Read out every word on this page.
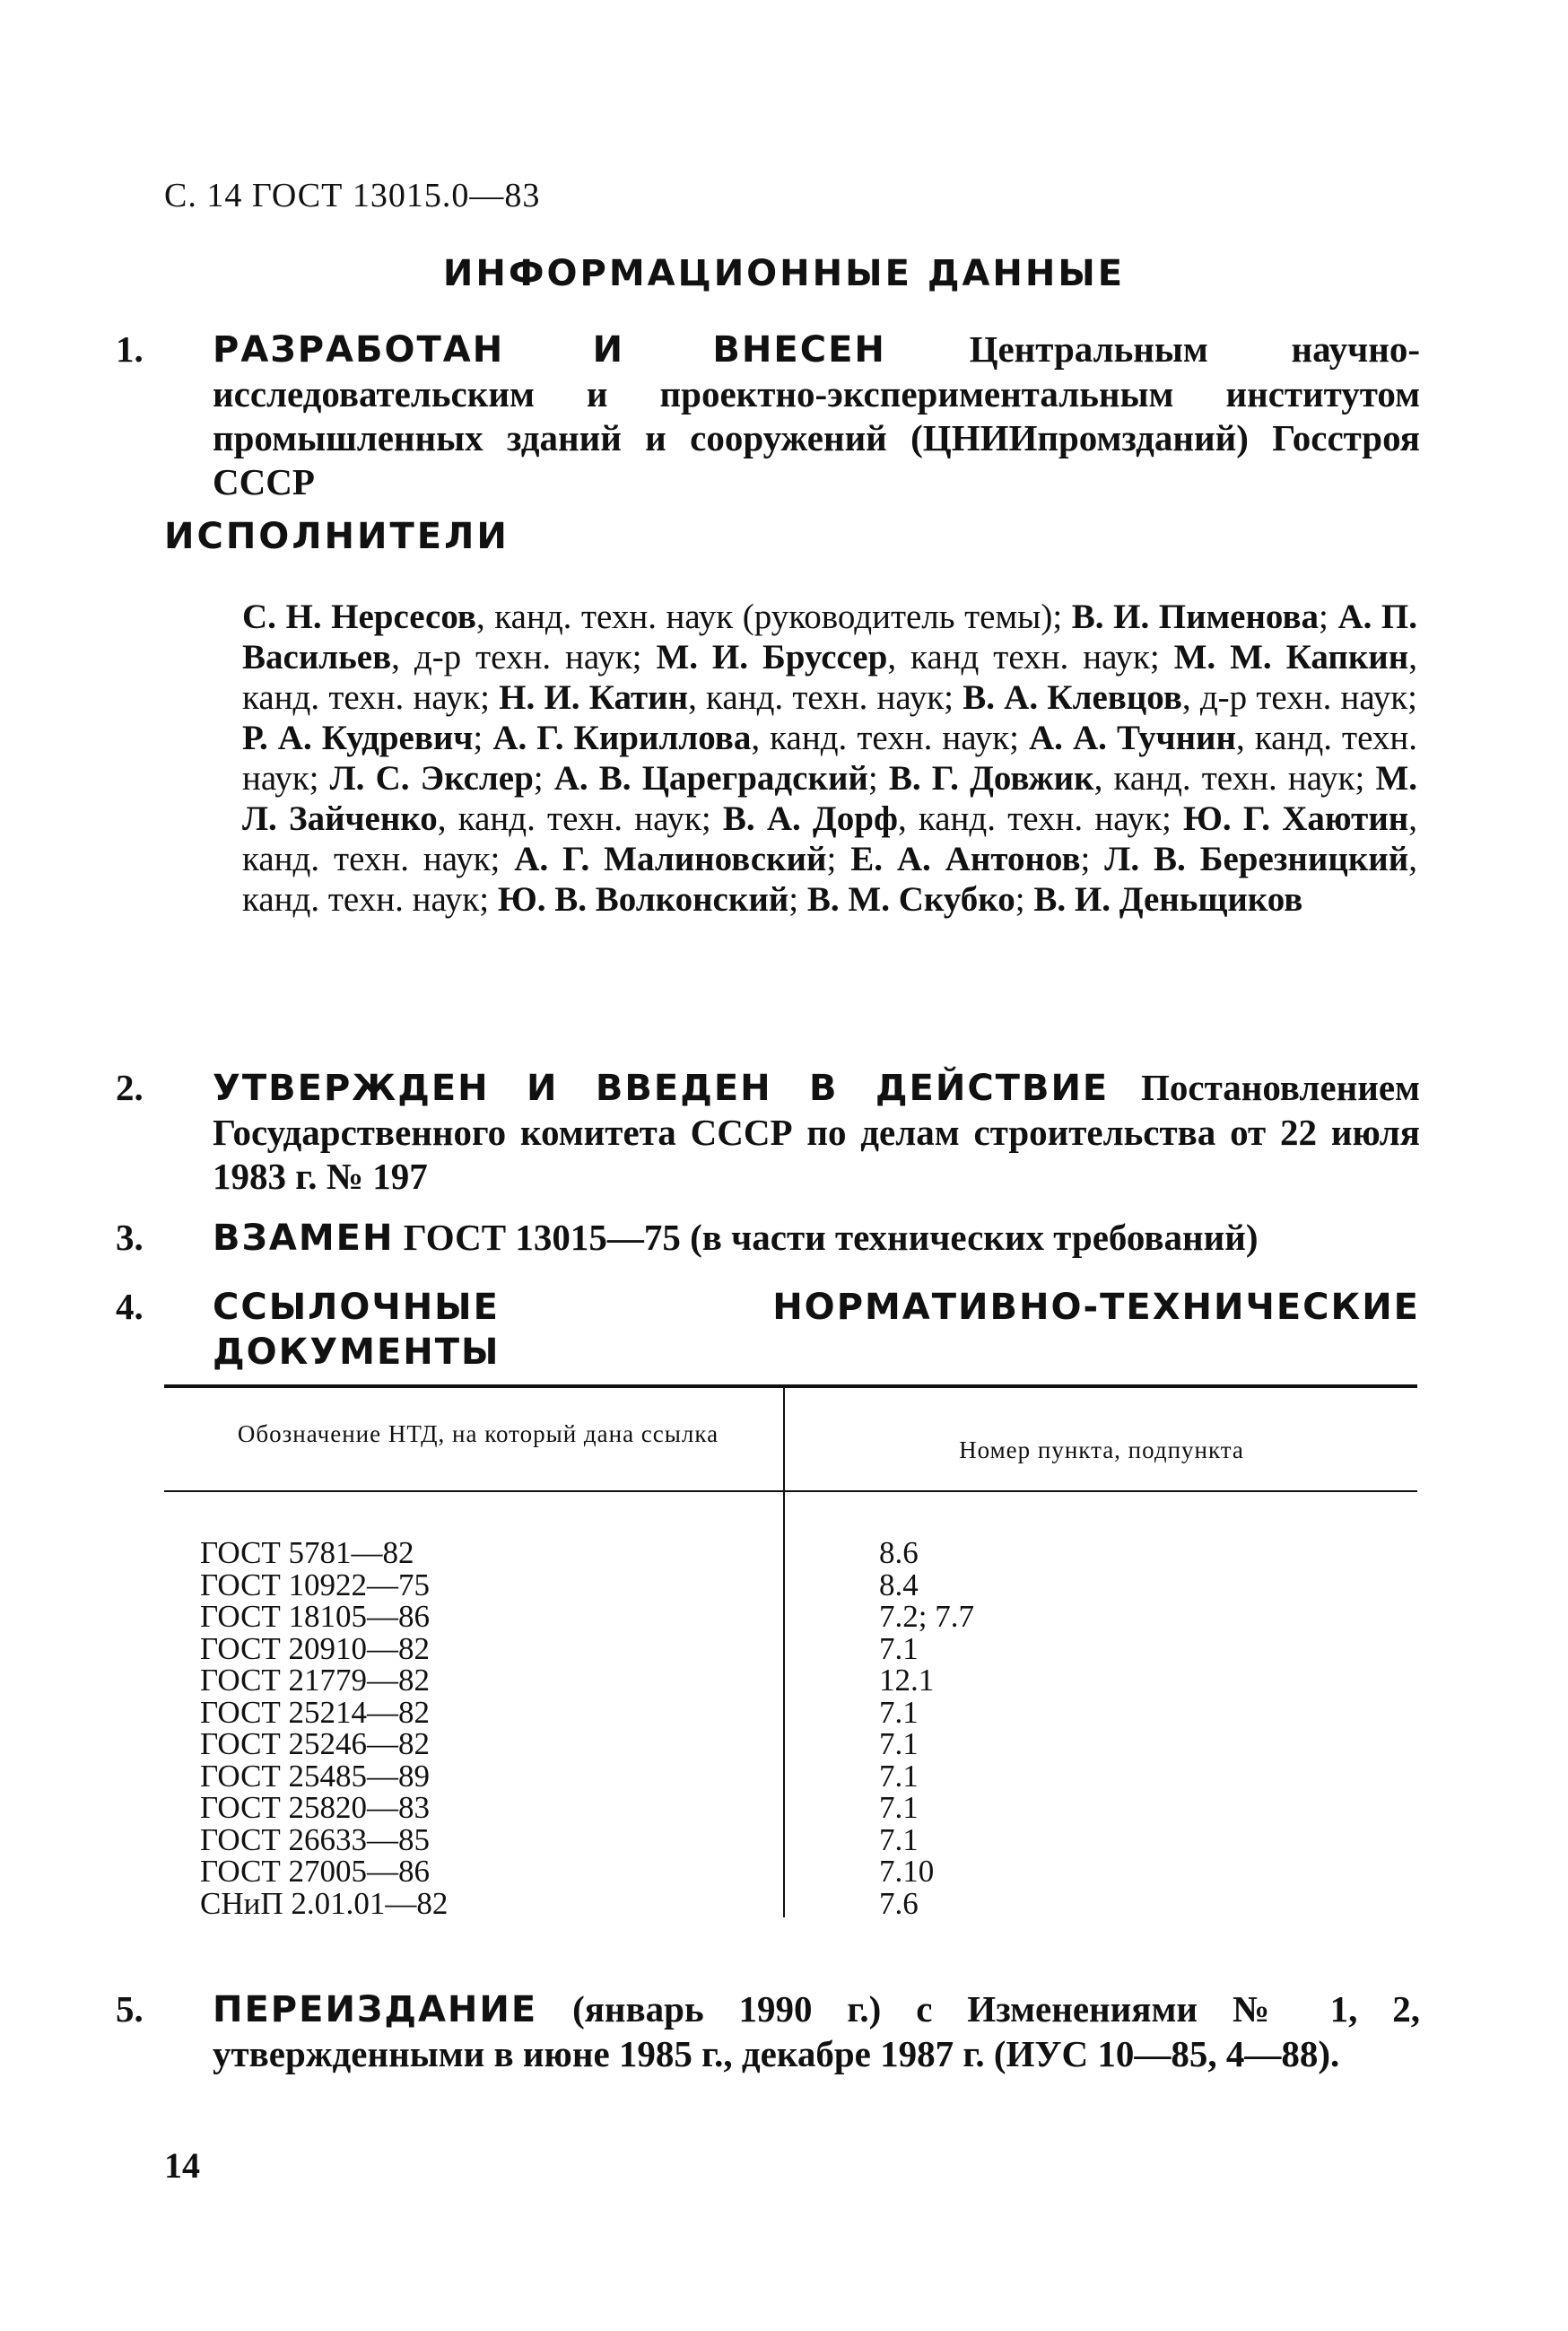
С. 14 ГОСТ 13015.0—83
ИНФОРМАЦИОННЫЕ ДАННЫЕ
1. РАЗРАБОТАН И ВНЕСЕН Центральным научно-исследовательским и проектно-экспериментальным институтом промышленных зданий и сооружений (ЦНИИпромзданий) Госстроя СССР
ИСПОЛНИТЕЛИ
С. Н. Нерсесов, канд. техн. наук (руководитель темы); В. И. Пименова; А. П. Васильев, д-р техн. наук; М. И. Бруссер, канд техн. наук; М. М. Капкин, канд. техн. наук; Н. И. Катин, канд. техн. наук; В. А. Клевцов, д-р техн. наук; Р. А. Кудревич; А. Г. Кириллова, канд. техн. наук; А. А. Тучнин, канд. техн. наук; Л. С. Экслер; А. В. Цареградский; В. Г. Довжик, канд. техн. наук; М. Л. Зайченко, канд. техн. наук; В. А. Дорф, канд. техн. наук; Ю. Г. Хаютин, канд. техн. наук; А. Г. Малиновский; Е. А. Антонов; Л. В. Березницкий, канд. техн. наук; Ю. В. Волконский; В. М. Скубко; В. И. Деньщиков
2. УТВЕРЖДЕН И ВВЕДЕН В ДЕЙСТВИЕ Постановлением Государственного комитета СССР по делам строительства от 22 июля 1983 г. № 197
3. ВЗАМЕН ГОСТ 13015—75 (в части технических требований)
4. ССЫЛОЧНЫЕ НОРМАТИВНО-ТЕХНИЧЕСКИЕ ДОКУМЕНТЫ
Обозначение НТД, на который дана ссылка
Номер пункта, подпункта
ГОСТ 5781—82
ГОСТ 10922—75
ГОСТ 18105—86
ГОСТ 20910—82
ГОСТ 21779—82
ГОСТ 25214—82
ГОСТ 25246—82
ГОСТ 25485—89
ГОСТ 25820—83
ГОСТ 26633—85
ГОСТ 27005—86
СНиП 2.01.01—82
8.6
8.4
7.2; 7.7
7.1
12.1
7.1
7.1
7.1
7.1
7.1
7.10
7.6
5. ПЕРЕИЗДАНИЕ (январь 1990 г.) с Изменениями № 1, 2, утвержденными в июне 1985 г., декабре 1987 г. (ИУС 10—85, 4—88).
14
